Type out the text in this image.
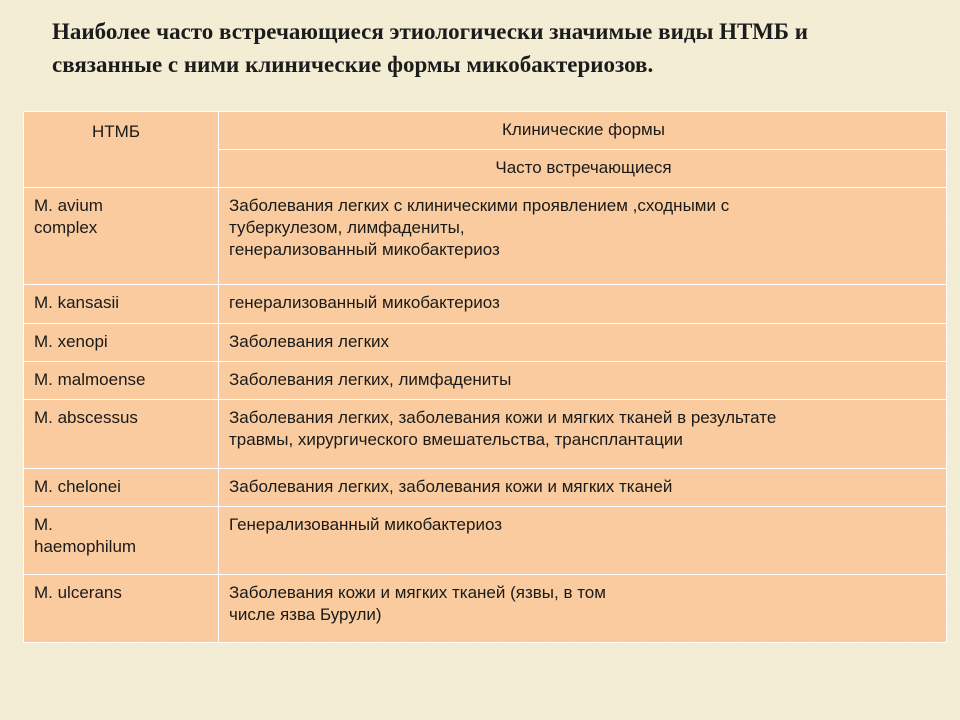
Наиболее часто встречающиеся этиологически значимые виды НТМБ и
связанные с ними клинические формы микобактериозов.
НТМБ	Клинические формы
	Часто встречающиеся

M. avium
complex	Заболевания легких с клиническими проявлением ,сходными с
туберкулезом, лимфадениты,
генерализованный микобактериоз

M. kansasii	генерализованный микобактериоз

M. xenopi	Заболевания легких

M. malmoense	Заболевания легких, лимфадениты

M. abscessus	Заболевания легких, заболевания кожи и мягких тканей в результате
травмы, хирургического вмешательства, трансплантации

M. chelonei	Заболевания легких, заболевания кожи и мягких тканей

M.
haemophilum	Генерализованный микобактериоз

M. ulcerans	Заболевания кожи и мягких тканей (язвы, в том
числе язва Бурули)
